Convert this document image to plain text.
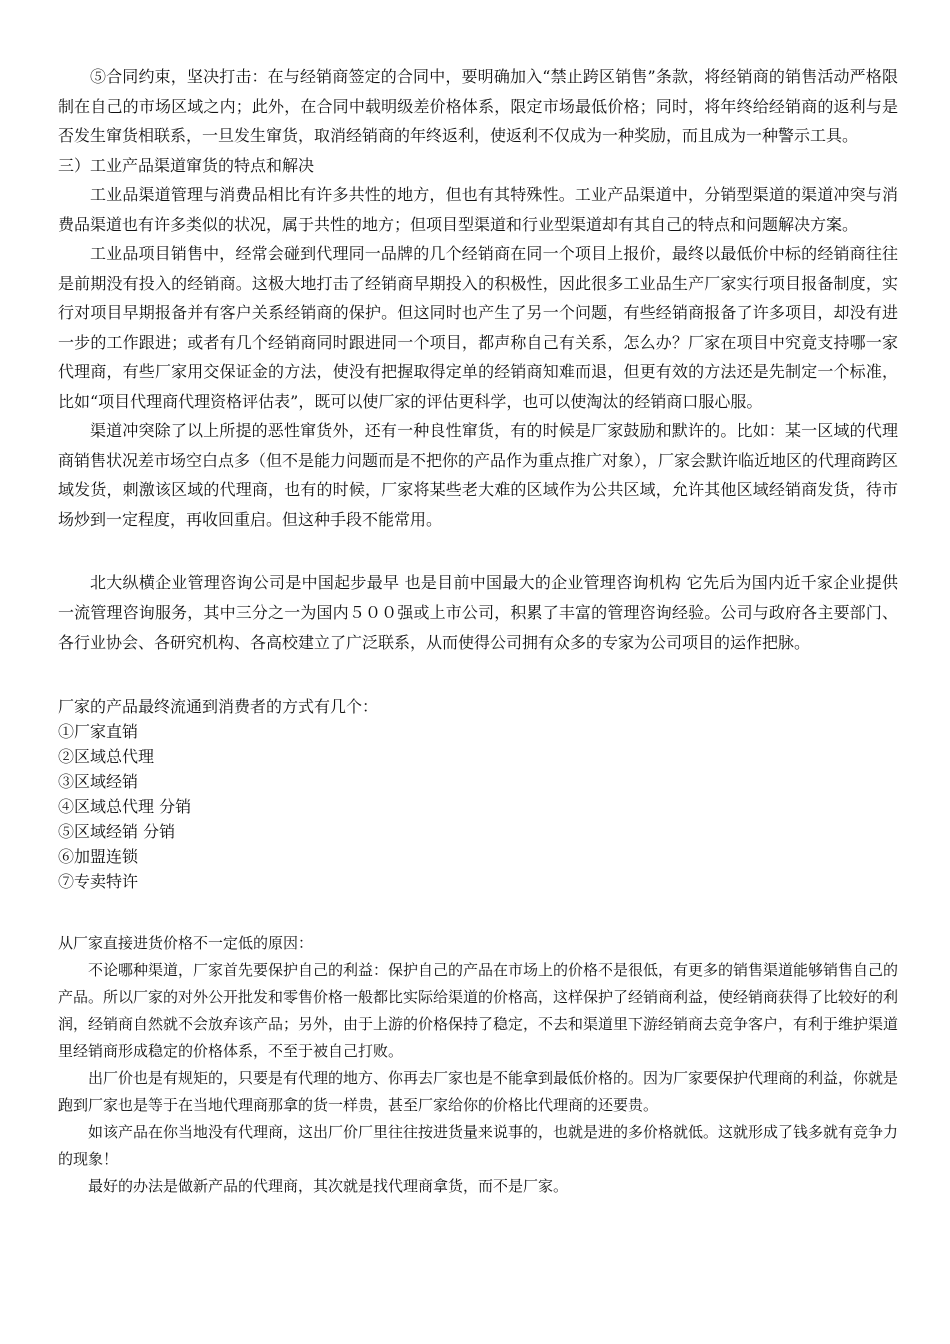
⑤合同约束，坚决打击：在与经销商签定的合同中，要明确加入“禁止跨区销售”条款，将经销商的销售活动严格限制在自己的市场区域之内；此外，在合同中载明级差价格体系，限定市场最低价格；同时，将年终给经销商的返利与是否发生窜货相联系，一旦发生窜货，取消经销商的年终返利，使返利不仅成为一种奖励，而且成为一种警示工具。

三）工业产品渠道窜货的特点和解决

工业品渠道管理与消费品相比有许多共性的地方，但也有其特殊性。工业产品渠道中，分销型渠道的渠道冲突与消费品渠道也有许多类似的状况，属于共性的地方；但项目型渠道和行业型渠道却有其自己的特点和问题解决方案。

工业品项目销售中，经常会碰到代理同一品牌的几个经销商在同一个项目上报价，最终以最低价中标的经销商往往是前期没有投入的经销商。这极大地打击了经销商早期投入的积极性，因此很多工业品生产厂家实行项目报备制度，实行对项目早期报备并有客户关系经销商的保护。但这同时也产生了另一个问题，有些经销商报备了许多项目，却没有进一步的工作跟进；或者有几个经销商同时跟进同一个项目，都声称自己有关系，怎么办？厂家在项目中究竟支持哪一家代理商，有些厂家用交保证金的方法，使没有把握取得定单的经销商知难而退，但更有效的方法还是先制定一个标准，比如“项目代理商代理资格评估表”，既可以使厂家的评估更科学，也可以使淘汰的经销商口服心服。

渠道冲突除了以上所提的恶性窜货外，还有一种良性窜货，有的时候是厂家鼓励和默许的。比如：某一区域的代理商销售状况差市场空白点多（但不是能力问题而是不把你的产品作为重点推广对象），厂家会默许临近地区的代理商跨区域发货，刺激该区域的代理商，也有的时候，厂家将某些老大难的区域作为公共区域，允许其他区域经销商发货，待市场炒到一定程度，再收回重启。但这种手段不能常用。

北大纵横企业管理咨询公司是中国起步最早 也是目前中国最大的企业管理咨询机构 它先后为国内近千家企业提供一流管理咨询服务，其中三分之一为国内５００强或上市公司，积累了丰富的管理咨询经验。公司与政府各主要部门、各行业协会、各研究机构、各高校建立了广泛联系，从而使得公司拥有众多的专家为公司项目的运作把脉。

厂家的产品最终流通到消费者的方式有几个：

①厂家直销

②区域总代理

③区域经销

④区域总代理 分销

⑤区域经销 分销

⑥加盟连锁

⑦专卖特许

从厂家直接进货价格不一定低的原因：

不论哪种渠道，厂家首先要保护自己的利益：保护自己的产品在市场上的价格不是很低，有更多的销售渠道能够销售自己的产品。所以厂家的对外公开批发和零售价格一般都比实际给渠道的价格高，这样保护了经销商利益，使经销商获得了比较好的利润，经销商自然就不会放弃该产品；另外，由于上游的价格保持了稳定，不去和渠道里下游经销商去竞争客户，有利于维护渠道里经销商形成稳定的价格体系，不至于被自己打败。

出厂价也是有规矩的，只要是有代理的地方、你再去厂家也是不能拿到最低价格的。因为厂家要保护代理商的利益，你就是跑到厂家也是等于在当地代理商那拿的货一样贵，甚至厂家给你的价格比代理商的还要贵。

如该产品在你当地没有代理商，这出厂价厂里往往按进货量来说事的，也就是进的多价格就低。这就形成了钱多就有竞争力的现象！

最好的办法是做新产品的代理商，其次就是找代理商拿货，而不是厂家。
